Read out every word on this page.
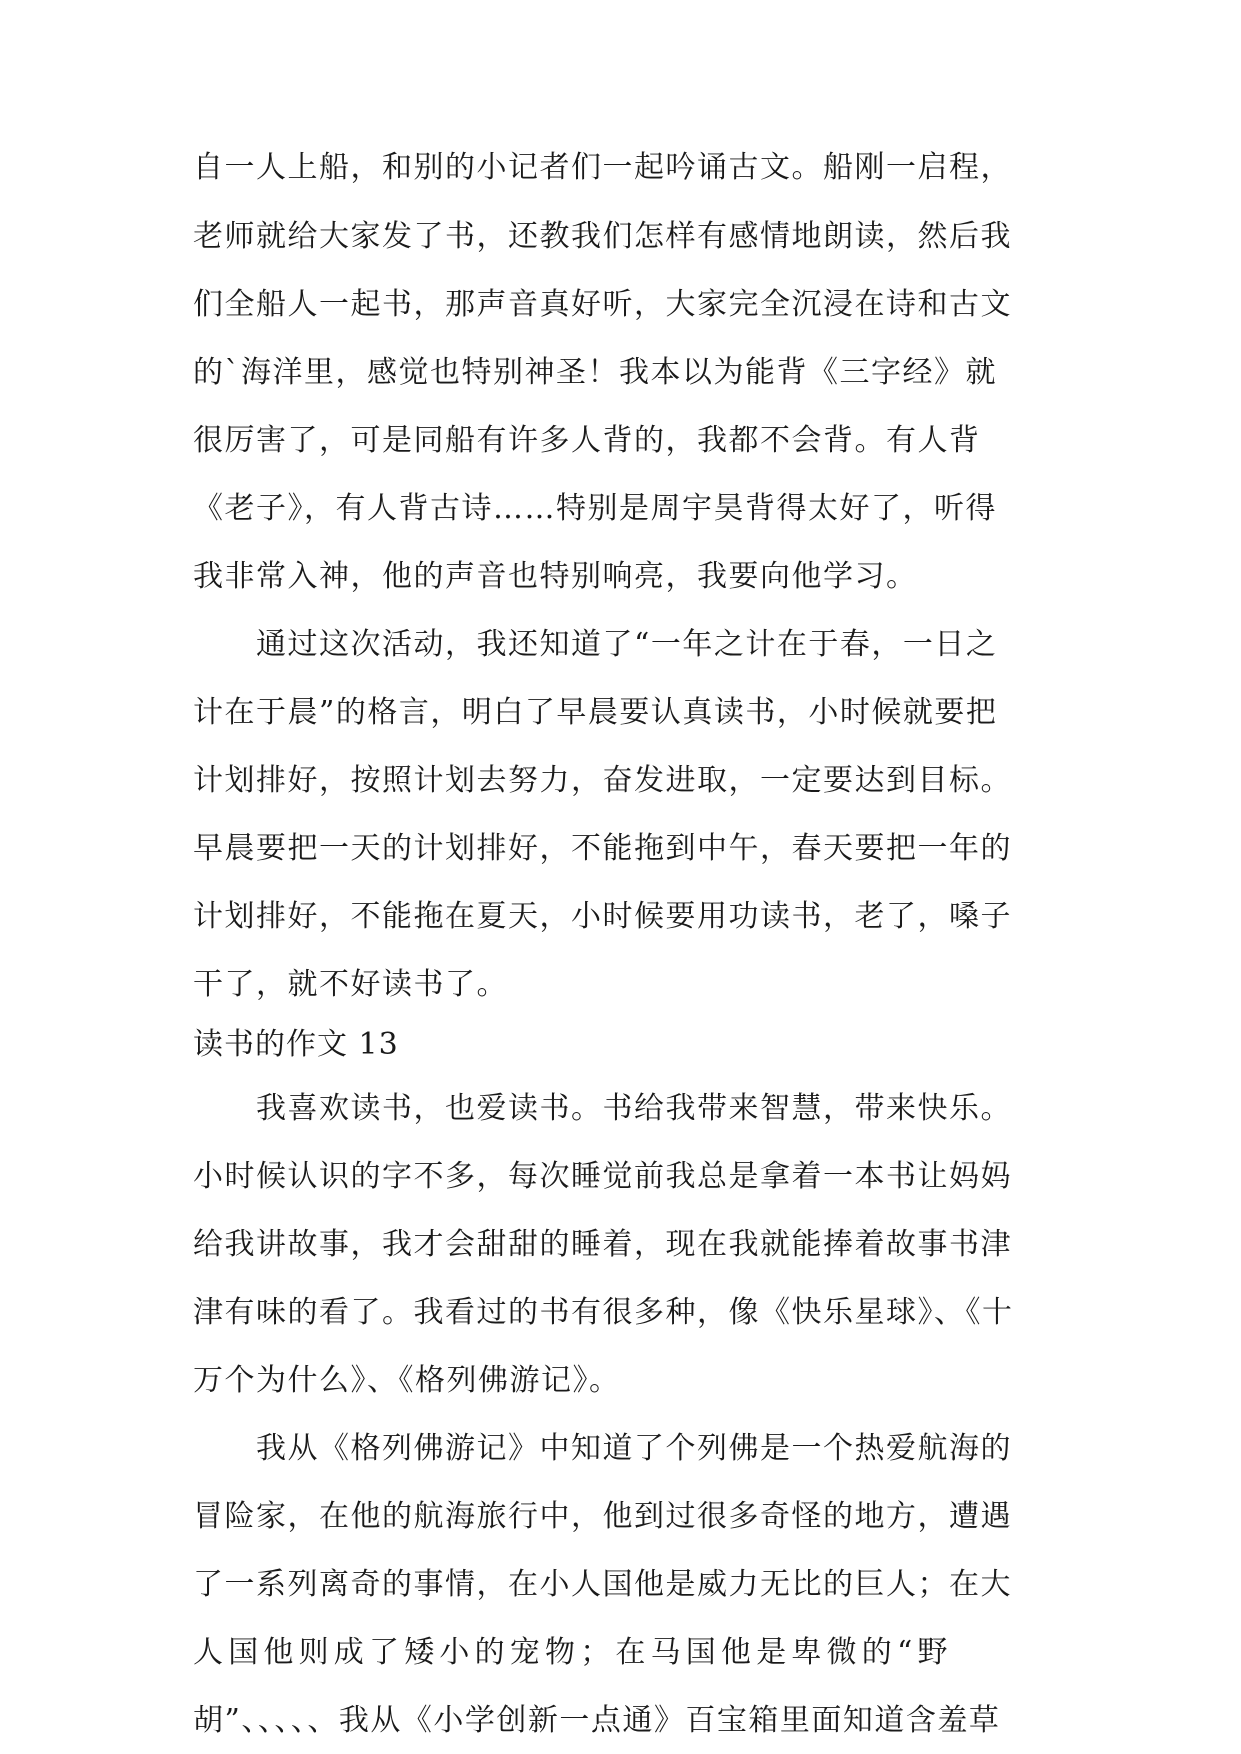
自一人上船，和别的小记者们一起吟诵古文。船刚一启程，
老师就给大家发了书，还教我们怎样有感情地朗读，然后我
们全船人一起书，那声音真好听，大家完全沉浸在诗和古文
的`海洋里，感觉也特别神圣！我本以为能背《三字经》就
很厉害了，可是同船有许多人背的，我都不会背。有人背
《老子》，有人背古诗……特别是周宇昊背得太好了，听得
我非常入神，他的声音也特别响亮，我要向他学习。
通过这次活动，我还知道了“一年之计在于春，一日之
计在于晨”的格言，明白了早晨要认真读书，小时候就要把
计划排好，按照计划去努力，奋发进取，一定要达到目标。
早晨要把一天的计划排好，不能拖到中午，春天要把一年的
计划排好，不能拖在夏天，小时候要用功读书，老了，嗓子
干了，就不好读书了。
读书的作文 13
我喜欢读书，也爱读书。书给我带来智慧，带来快乐。
小时候认识的字不多，每次睡觉前我总是拿着一本书让妈妈
给我讲故事，我才会甜甜的睡着，现在我就能捧着故事书津
津有味的看了。我看过的书有很多种，像《快乐星球》、《十
万个为什么》、《格列佛游记》。
我从《格列佛游记》中知道了个列佛是一个热爱航海的
冒险家，在他的航海旅行中，他到过很多奇怪的地方，遭遇
了一系列离奇的事情，在小人国他是威力无比的巨人；在大
人国他则成了矮小的宠物；在马国他是卑微的“野
胡”、、、、、我从《小学创新一点通》百宝箱里面知道含羞草
